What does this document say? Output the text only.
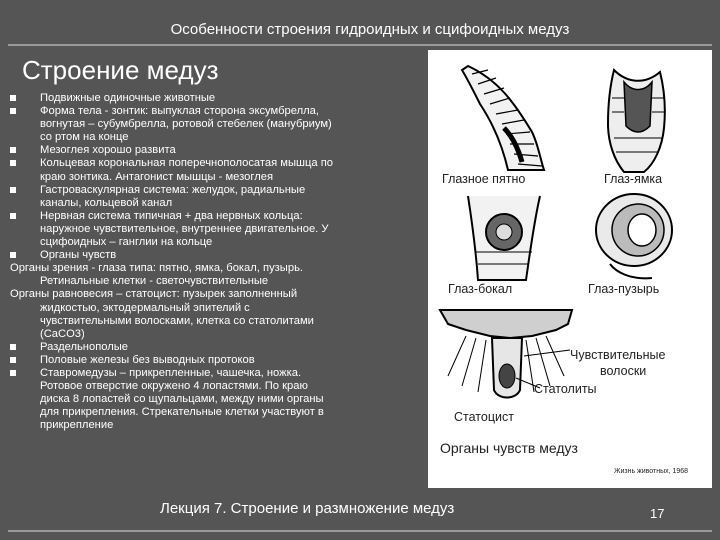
Особенности строения гидроидных и сцифоидных медуз
Строение медуз
Подвижные одиночные животные
Форма тела - зонтик: выпуклая сторона эксумбрелла,
вогнутая – субумбрелла, ротовой стебелек (манубриум)
со ртом на конце
Мезоглея хорошо развита
Кольцевая корональная поперечнополосатая мышца по
краю зонтика. Антагонист мышцы - мезоглея
Гастроваскулярная система: желудок, радиальные
каналы, кольцевой канал
Нервная система типичная + два нервных кольца:
наружное чувствительное, внутреннее двигательное. У
сцифоидных – ганглии на кольце
Органы чувств
Органы зрения - глаза типа: пятно, ямка, бокал, пузырь.
Ретинальные клетки - светочувствительные
Органы равновесия – статоцист: пузырек заполненный
жидкостью, эктодермальный эпителий с
чувствительными волосками, клетка со статолитами
(CaCO3)
Раздельнополые
Половые железы без выводных протоков
Ставромедузы – прикрепленные, чашечка, ножка.
Ротовое отверстие окружено 4 лопастями. По краю
диска 8 лопастей со щупальцами, между ними органы
для прикрепления. Стрекательные клетки участвуют в
прикрепление
Глазное пятно	Глаз-ямка
Глаз-бокал	Глаз-пузырь
Чувствительные
волоски
Статолиты
Статоцист
Органы чувств медуз
Жизнь животных, 1968
Лекция 7. Строение и размножение медуз	17
